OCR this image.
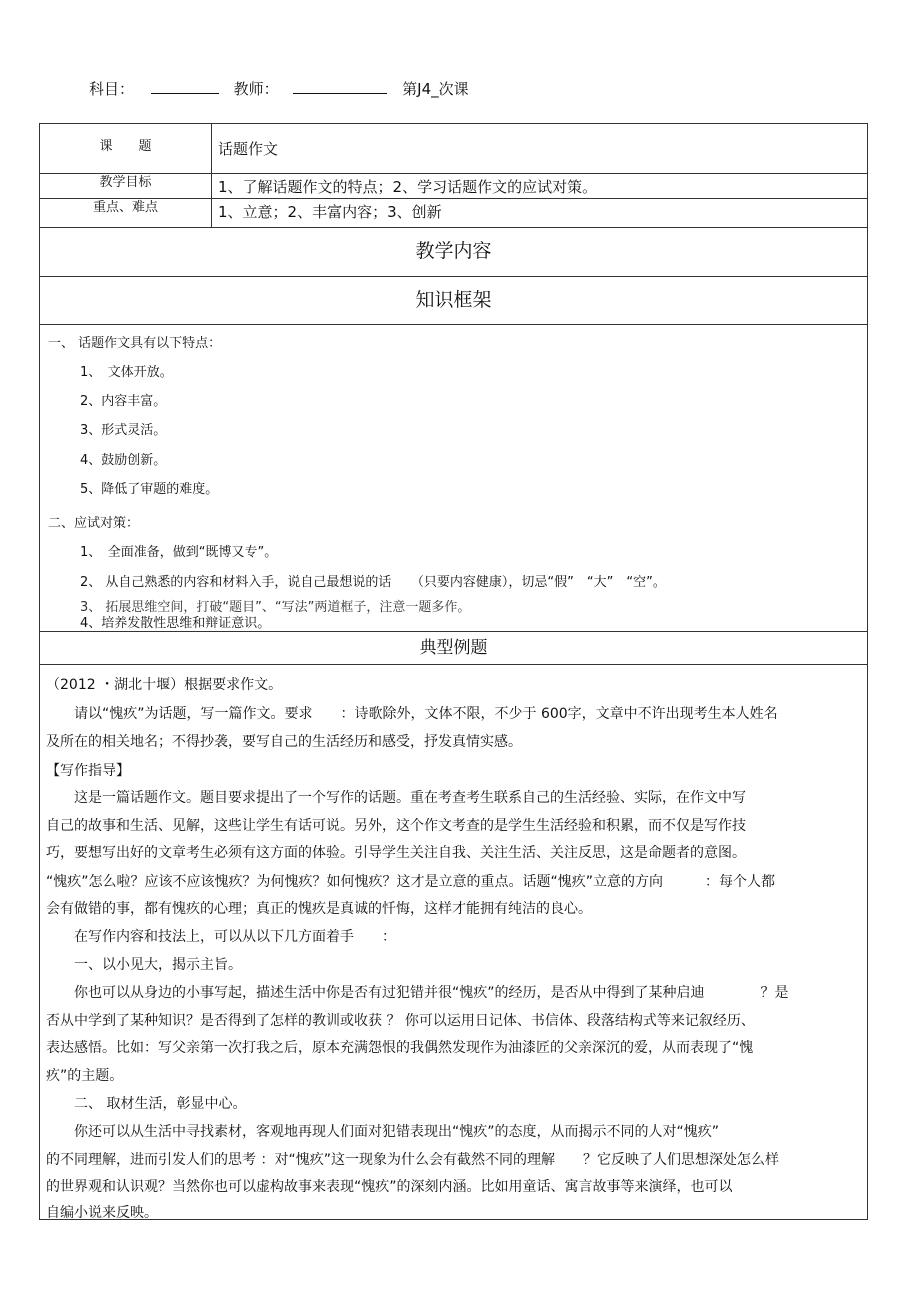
科目：	教师：	第J4_次课
课　　题	话题作文
教学目标	1、了解话题作文的特点；2、学习话题作文的应试对策。
重点、难点	1、立意；2、丰富内容；3、创新
教学内容
知识框架
一、 话题作文具有以下特点：
1、　文体开放。
2、内容丰富。
3、形式灵活。
4、鼓励创新。
5、降低了审题的难度。
二、应试对策：
1、　全面准备，做到“既博又专”。
2、 从自己熟悉的内容和材料入手，说自己最想说的话　　（只要内容健康），切忌“假”　“大”　“空”。
3、 拓展思维空间，打破“题目”、“写法”两道框子，注意一题多作。
4、培养发散性思维和辩证意识。
典型例题
（2012 ・湖北十堰）根据要求作文。
　　请以“愧疚”为话题，写一篇作文。要求　　：诗歌除外，文体不限，不少于 600字，文章中不许出现考生本人姓名
及所在的相关地名；不得抄袭，要写自己的生活经历和感受，抒发真情实感。
【写作指导】
　　这是一篇话题作文。题目要求提出了一个写作的话题。重在考查考生联系自己的生活经验、实际，在作文中写
自己的故事和生活、见解，这些让学生有话可说。另外，这个作文考查的是学生生活经验和积累，而不仅是写作技
巧，要想写出好的文章考生必须有这方面的体验。引导学生关注自我、关注生活、关注反思，这是命题者的意图。
“愧疚”怎么啦？应该不应该愧疚？为何愧疚？如何愧疚？这才是立意的重点。话题“愧疚”立意的方向　　　：每个人都
会有做错的事，都有愧疚的心理；真正的愧疚是真诚的忏悔，这样才能拥有纯洁的良心。
　　在写作内容和技法上，可以从以下几方面着手　　：
　　一、以小见大，揭示主旨。
　　你也可以从身边的小事写起，描述生活中你是否有过犯错并很“愧疚”的经历，是否从中得到了某种启迪　　　　？是
否从中学到了某种知识？是否得到了怎样的教训或收获 ？ 你可以运用日记体、书信体、段落结构式等来记叙经历、
表达感悟。比如：写父亲第一次打我之后，原本充满怨恨的我偶然发现作为油漆匠的父亲深沉的爱，从而表现了“愧
疚”的主题。
　　二、 取材生活，彰显中心。
　　你还可以从生活中寻找素材，客观地再现人们面对犯错表现出“愧疚”的态度，从而揭示不同的人对“愧疚”
的不同理解，进而引发人们的思考 ：对“愧疚”这一现象为什么会有截然不同的理解　　？它反映了人们思想深处怎么样
的世界观和认识观？当然你也可以虚构故事来表现“愧疚”的深刻内涵。比如用童话、寓言故事等来演绎，也可以
自编小说来反映。
